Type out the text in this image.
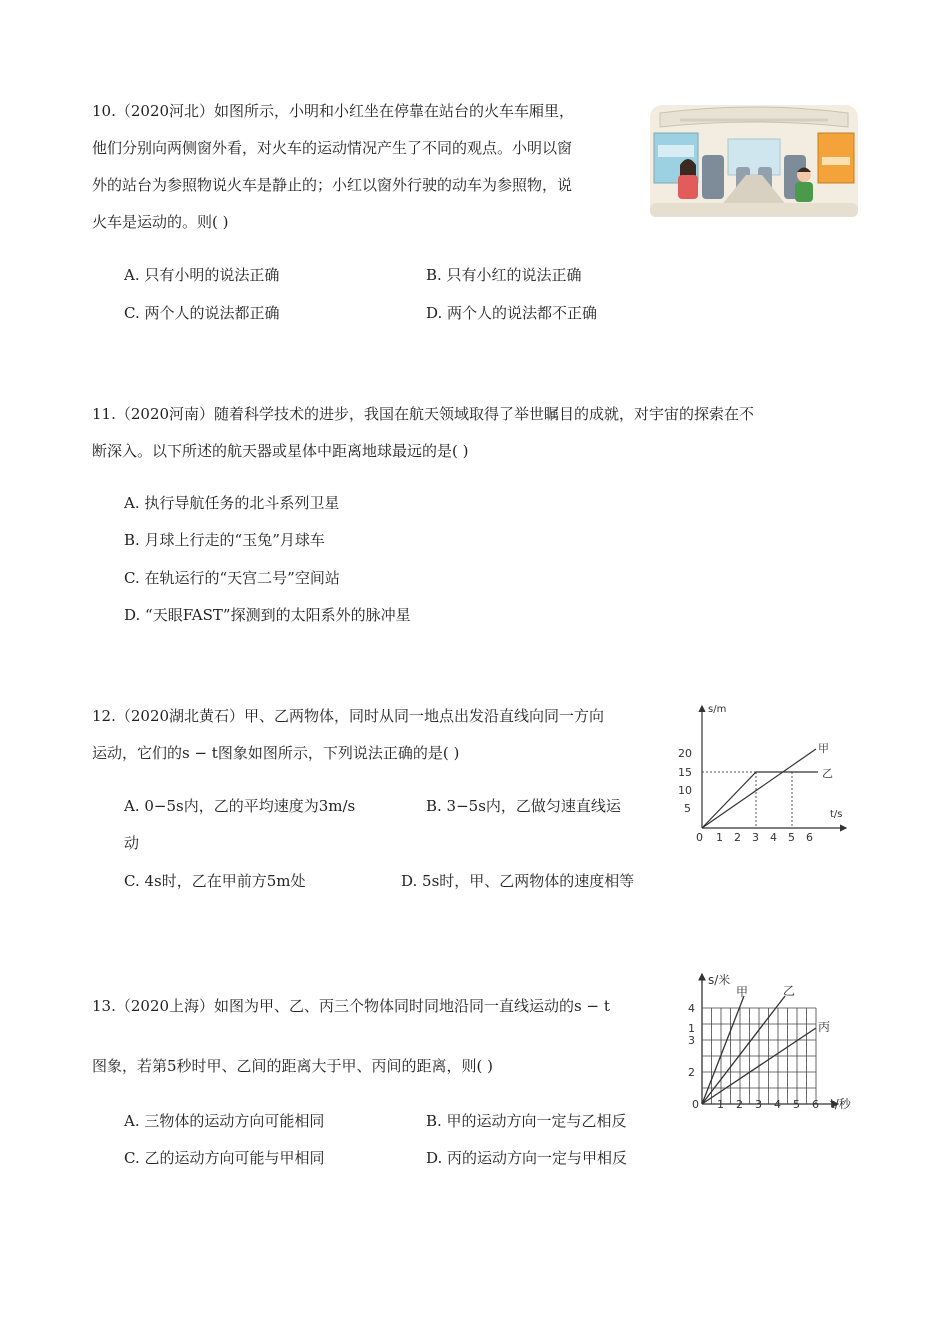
10.（2020河北）如图所示，小明和小红坐在停靠在站台的火车车厢里，

他们分别向两侧窗外看，对火车的运动情况产生了不同的观点。小明以窗

外的站台为参照物说火车是静止的；小红以窗外行驶的动车为参照物，说

火车是运动的。则( )

A. 只有小明的说法正确	B. 只有小红的说法正确
C. 两个人的说法都正确	D. 两个人的说法都不正确

11.（2020河南）随着科学技术的进步，我国在航天领域取得了举世瞩目的成就，对宇宙的探索在不

断深入。以下所述的航天器或星体中距离地球最远的是( )

A. 执行导航任务的北斗系列卫星
B. 月球上行走的“玉兔”月球车
C. 在轨运行的“天宫二号”空间站
D. “天眼FAST”探测到的太阳系外的脉冲星

12.（2020湖北黄石）甲、乙两物体，同时从同一地点出发沿直线向同一方向

运动，它们的s − t图象如图所示，下列说法正确的是( )

A. 0−5s内，乙的平均速度为3m/s	B. 3−5s内，乙做匀速直线运
动
C. 4s时，乙在甲前方5m处	D. 5s时，甲、乙两物体的速度相等
s/m
t/s
20
15
10
5
0 1 2 3 4 5 6
甲
乙

13.（2020上海）如图为甲、乙、丙三个物体同时同地沿同一直线运动的s − t

图象，若第5秒时甲、乙间的距离大于甲、丙间的距离，则( )

A. 三物体的运动方向可能相同	B. 甲的运动方向一定与乙相反
C. 乙的运动方向可能与甲相同	D. 丙的运动方向一定与甲相反
s/米
t/秒
4
3
2
1
0 1 2 3 4 5 6
甲	乙
丙
